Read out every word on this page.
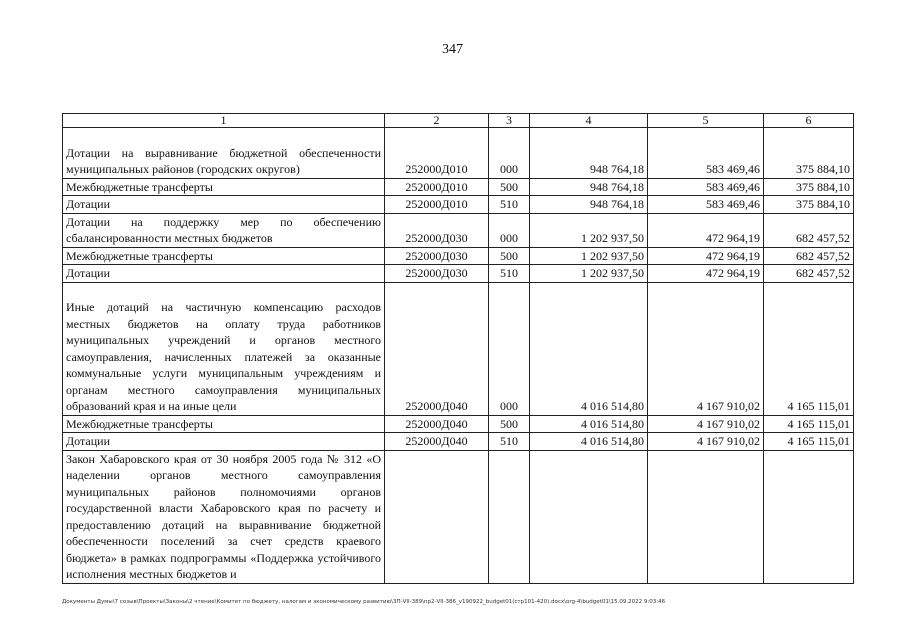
347
1	2	3	4	5	6
Дотации на выравнивание бюджетной обеспеченности муниципальных районов (городских округов)	252000Д010	000	948 764,18	583 469,46	375 884,10
Межбюджетные трансферты	252000Д010	500	948 764,18	583 469,46	375 884,10
Дотации	252000Д010	510	948 764,18	583 469,46	375 884,10
Дотации на поддержку мер по обеспечению сбалансированности местных бюджетов	252000Д030	000	1 202 937,50	472 964,19	682 457,52
Межбюджетные трансферты	252000Д030	500	1 202 937,50	472 964,19	682 457,52
Дотации	252000Д030	510	1 202 937,50	472 964,19	682 457,52
Иные дотаций на частичную компенсацию расходов местных бюджетов на оплату труда работников муниципальных учреждений и органов местного самоуправления, начисленных платежей за оказанные коммунальные услуги муниципальным учреждениям и органам местного самоуправления муниципальных образований края и на иные цели	252000Д040	000	4 016 514,80	4 167 910,02	4 165 115,01
Межбюджетные трансферты	252000Д040	500	4 016 514,80	4 167 910,02	4 165 115,01
Дотации	252000Д040	510	4 016 514,80	4 167 910,02	4 165 115,01
Закон Хабаровского края от 30 ноября 2005 года № 312 «О наделении органов местного самоуправления муниципальных районов полномочиями органов государственной власти Хабаровского края по расчету и предоставлению дотаций на выравнивание бюджетной обеспеченности поселений за счет средств краевого бюджета» в рамках подпрограммы «Поддержка устойчивого исполнения местных бюджетов и					
Документы Думы\7 созыв\Проекты\Законы\2 чтение\Комитет по бюджету, налогам и экономическому развитию\3П-VII-389\пр2-VII-386_v190922_budget01(стр101-420).docx\org-4\budget01\15.09.2022 9:03:46
